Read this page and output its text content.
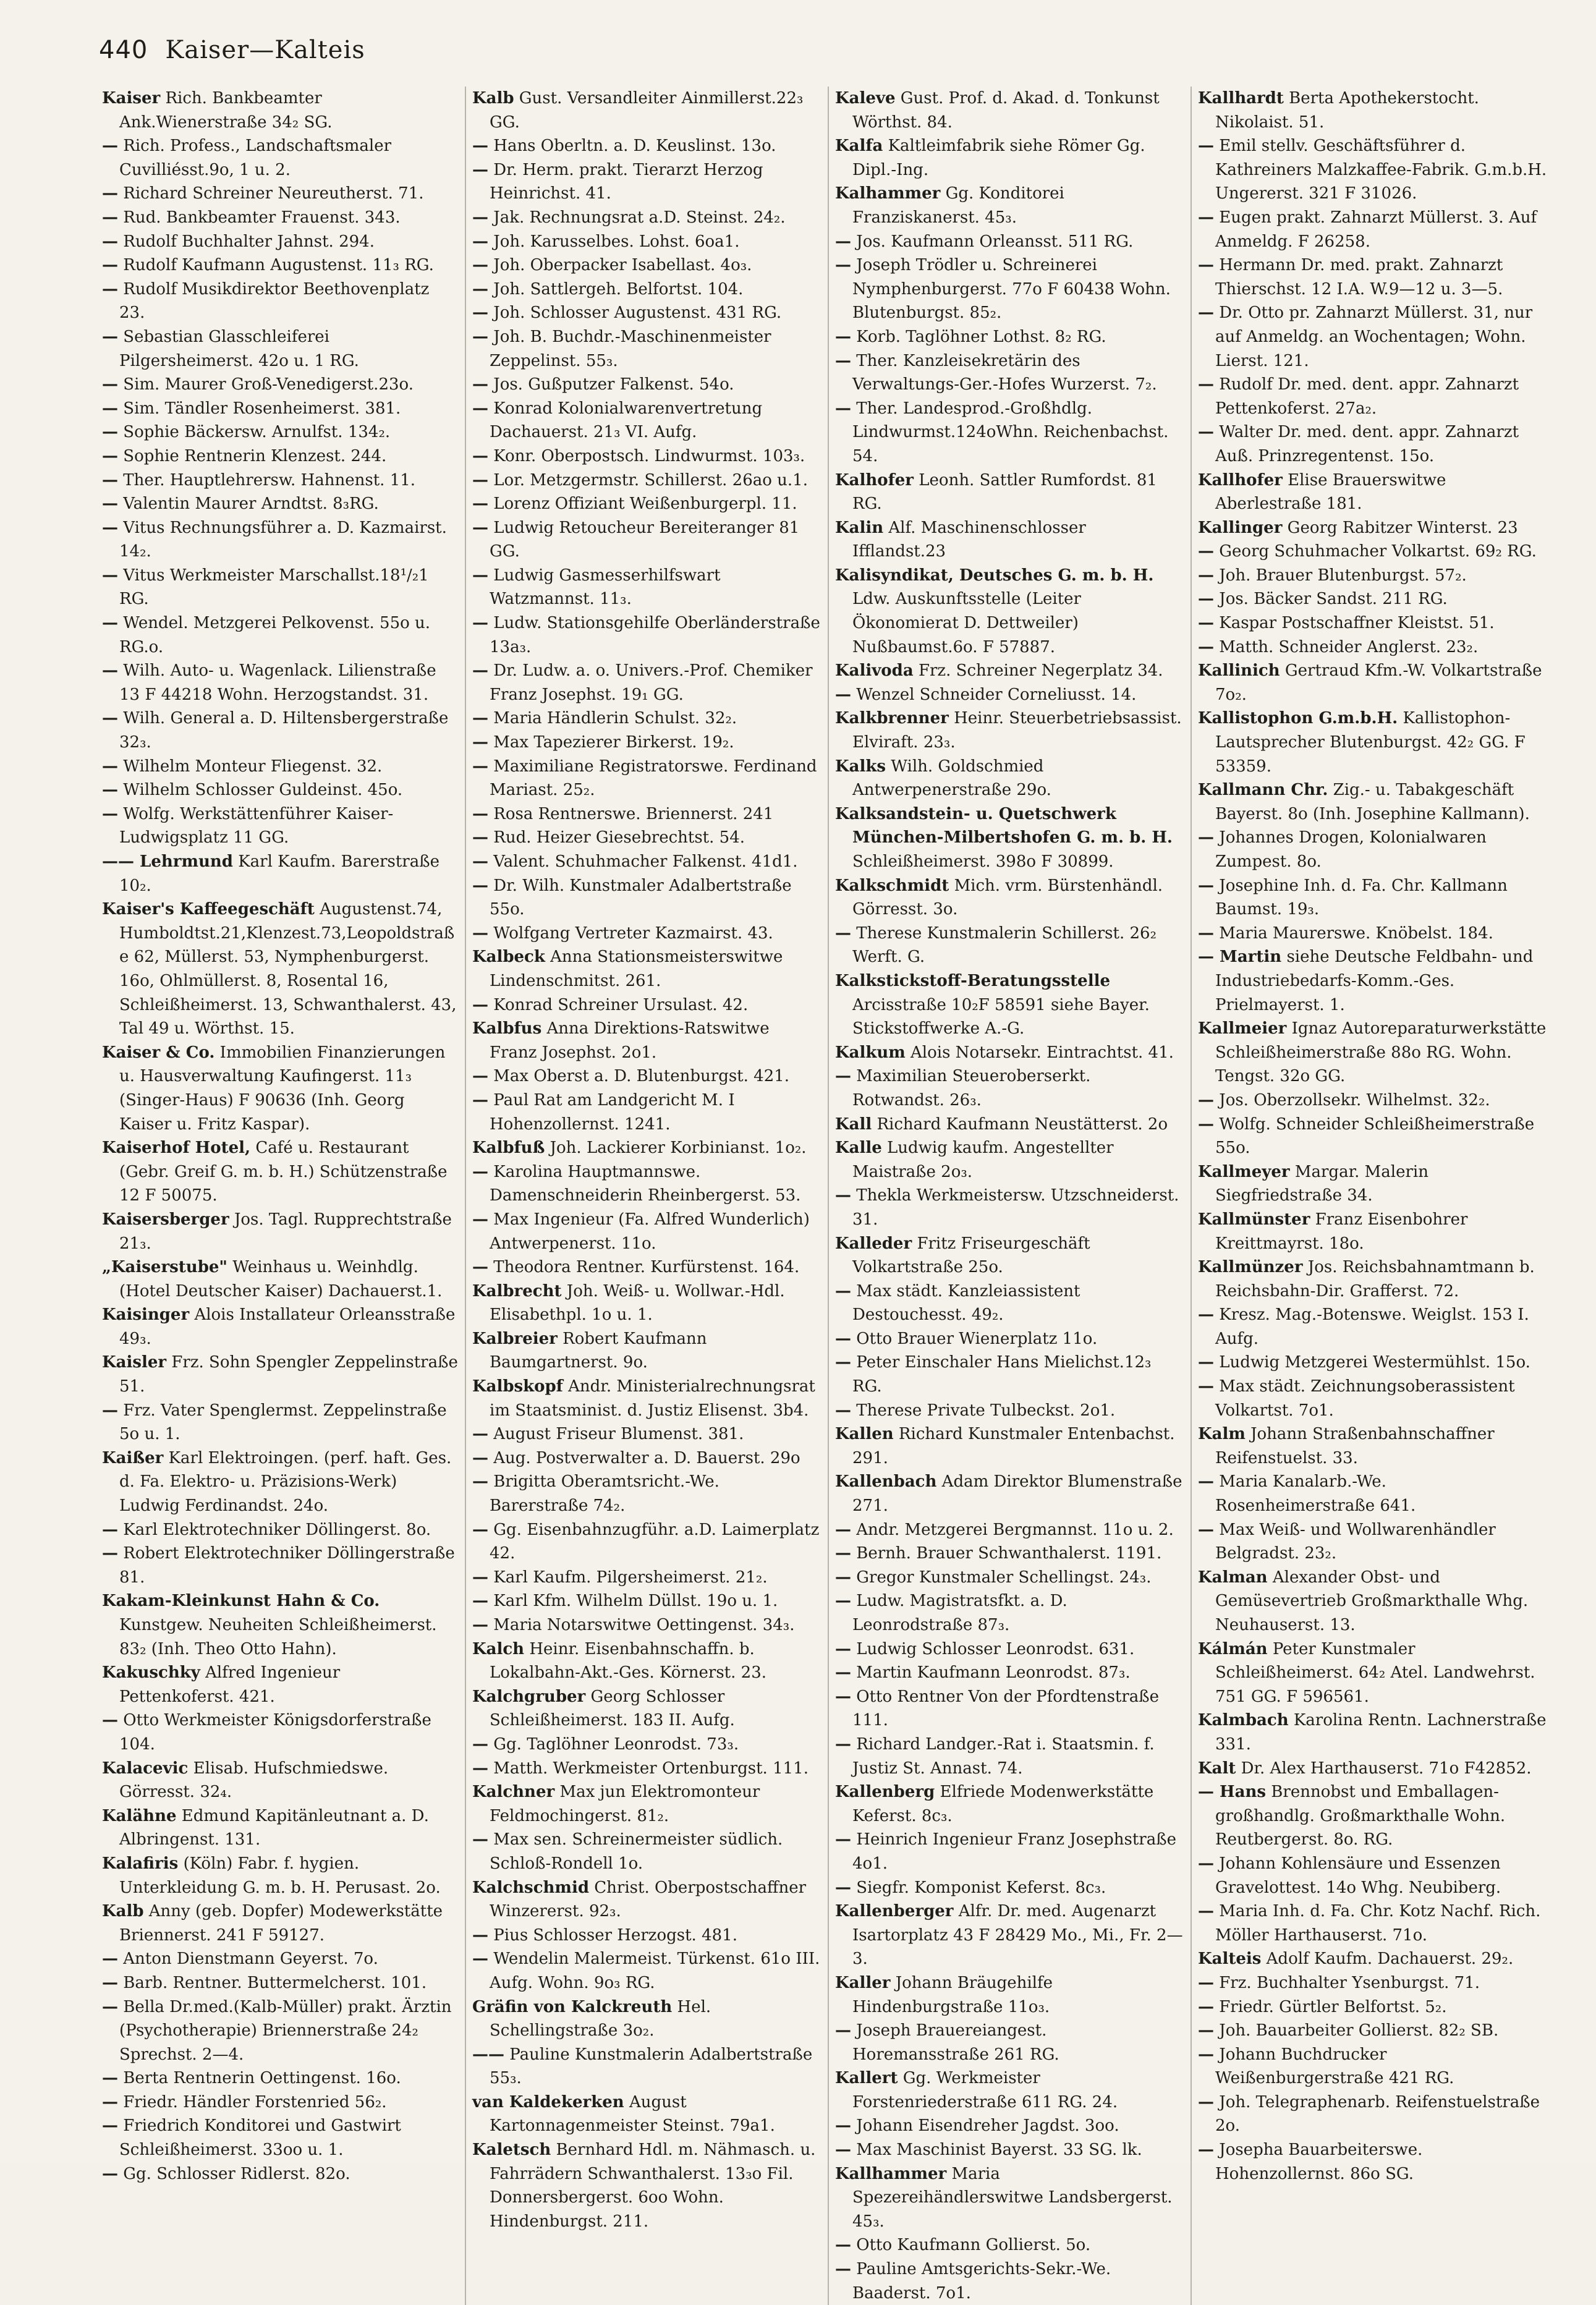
440 Kaiser—Kalteis
Kaiser Rich. Bankbeamter Ank.Wienerstraße 34₂ SG.
— Rich. Profess., Landschaftsmaler Cuvilliésst.9o, 1 u. 2.
— Richard Schreiner Neureutherst. 71.
— Rud. Bankbeamter Frauenst. 343.
— Rudolf Buchhalter Jahnst. 294.
— Rudolf Kaufmann Augustenst. 11₃ RG.
— Rudolf Musikdirektor Beethovenplatz 23.
— Sebastian Glasschleiferei Pilgersheimerst. 42o u. 1 RG.
— Sim. Maurer Groß-Venedigerst.23o.
— Sim. Tändler Rosenheimerst. 381.
— Sophie Bäckersw. Arnulfst. 134₂.
— Sophie Rentnerin Klenzest. 244.
— Ther. Hauptlehrersw. Hahnenst. 11.
— Valentin Maurer Arndtst. 8₃RG.
— Vitus Rechnungsführer a. D. Kazmairst. 14₂.
— Vitus Werkmeister Marschallst.18¹/₂1 RG.
— Wendel. Metzgerei Pelkovenst. 55o u. RG.o.
— Wilh. Auto- u. Wagenlack. Lilienstraße 13 F 44218 Wohn. Herzogstandst. 31.
— Wilh. General a. D. Hiltensbergerstraße 32₃.
— Wilhelm Monteur Fliegenst. 32.
— Wilhelm Schlosser Guldeinst. 45o.
— Wolfg. Werkstättenführer Kaiser-Ludwigsplatz 11 GG.
—— Lehrmund Karl Kaufm. Barerstraße 10₂.
Kaiser's Kaffeegeschäft Augustenst.74, Humboldtst.21,Klenzest.73,Leopoldstraße 62, Müllerst. 53, Nymphenburgerst. 16o, Ohlmüllerst. 8, Rosental 16, Schleißheimerst. 13, Schwanthalerst. 43, Tal 49 u. Wörthst. 15.
Kaiser & Co. Immobilien Finanzierungen u. Hausverwaltung Kaufingerst. 11₃ (Singer-Haus) F 90636 (Inh. Georg Kaiser u. Fritz Kaspar).
Kaiserhof Hotel, Café u. Restaurant (Gebr. Greif G. m. b. H.) Schützenstraße 12 F 50075.
Kaisersberger Jos. Tagl. Rupprechtstraße 21₃.
„Kaiserstube" Weinhaus u. Weinhdlg. (Hotel Deutscher Kaiser) Dachauerst.1.
Kaisinger Alois Installateur Orleansstraße 49₃.
Kaisler Frz. Sohn Spengler Zeppelinstraße 51.
— Frz. Vater Spenglermst. Zeppelinstraße 5o u. 1.
Kaißer Karl Elektroingen. (perf. haft. Ges. d. Fa. Elektro- u. Präzisions-Werk) Ludwig Ferdinandst. 24o.
— Karl Elektrotechniker Döllingerst. 8o.
— Robert Elektrotechniker Döllingerstraße 81.
Kakam-Kleinkunst Hahn & Co. Kunstgew. Neuheiten Schleißheimerst. 83₂ (Inh. Theo Otto Hahn).
Kakuschky Alfred Ingenieur Pettenkoferst. 421.
— Otto Werkmeister Königsdorferstraße 104.
Kalacevic Elisab. Hufschmiedswe. Görresst. 32₄.
Kalähne Edmund Kapitänleutnant a. D. Albringenst. 131.
Kalafiris (Köln) Fabr. f. hygien. Unterkleidung G. m. b. H. Perusast. 2o.
Kalb Anny (geb. Dopfer) Modewerkstätte Briennerst. 241 F 59127.
— Anton Dienstmann Geyerst. 7o.
— Barb. Rentner. Buttermelcherst. 101.
— Bella Dr.med.(Kalb-Müller) prakt. Ärztin (Psychotherapie) Briennerstraße 24₂ Sprechst. 2—4.
— Berta Rentnerin Oettingenst. 16o.
— Friedr. Händler Forstenried 56₂.
— Friedrich Konditorei und Gastwirt Schleißheimerst. 33oo u. 1.
— Gg. Schlosser Ridlerst. 82o.
Kalb Gust. Versandleiter Ainmillerst.22₃ GG.
— Hans Oberltn. a. D. Keuslinst. 13o.
— Dr. Herm. prakt. Tierarzt Herzog Heinrichst. 41.
— Jak. Rechnungsrat a.D. Steinst. 24₂.
— Joh. Karusselbes. Lohst. 6oa1.
— Joh. Oberpacker Isabellast. 4o₃.
— Joh. Sattlergeh. Belfortst. 104.
— Joh. Schlosser Augustenst. 431 RG.
— Joh. B. Buchdr.-Maschinenmeister Zeppelinst. 55₃.
— Jos. Gußputzer Falkenst. 54o.
— Konrad Kolonialwarenvertretung Dachauerst. 21₃ VI. Aufg.
— Konr. Oberpostsch. Lindwurmst. 103₃.
— Lor. Metzgermstr. Schillerst. 26ao u.1.
— Lorenz Offiziant Weißenburgerpl. 11.
— Ludwig Retoucheur Bereiteranger 81 GG.
— Ludwig Gasmesserhilfswart Watzmannst. 11₃.
— Ludw. Stationsgehilfe Oberländerstraße 13a₃.
— Dr. Ludw. a. o. Univers.-Prof. Chemiker Franz Josephst. 19₁ GG.
— Maria Händlerin Schulst. 32₂.
— Max Tapezierer Birkerst. 19₂.
— Maximiliane Registratorswe. Ferdinand Mariast. 25₂.
— Rosa Rentnerswe. Briennerst. 241
— Rud. Heizer Giesebrechtst. 54.
— Valent. Schuhmacher Falkenst. 41d1.
— Dr. Wilh. Kunstmaler Adalbertstraße 55o.
— Wolfgang Vertreter Kazmairst. 43.
Kalbeck Anna Stationsmeisterswitwe Lindenschmitst. 261.
— Konrad Schreiner Ursulast. 42.
Kalbfus Anna Direktions-Ratswitwe Franz Josephst. 2o1.
— Max Oberst a. D. Blutenburgst. 421.
— Paul Rat am Landgericht M. I Hohenzollernst. 1241.
Kalbfuß Joh. Lackierer Korbinianst. 1o₂.
— Karolina Hauptmannswe. Damenschneiderin Rheinbergerst. 53.
— Max Ingenieur (Fa. Alfred Wunderlich) Antwerpenerst. 11o.
— Theodora Rentner. Kurfürstenst. 164.
Kalbrecht Joh. Weiß- u. Wollwar.-Hdl. Elisabethpl. 1o u. 1.
Kalbreier Robert Kaufmann Baumgartnerst. 9o.
Kalbskopf Andr. Ministerialrechnungsrat im Staatsminist. d. Justiz Elisenst. 3b4.
— August Friseur Blumenst. 381.
— Aug. Postverwalter a. D. Bauerst. 29o
— Brigitta Oberamtsricht.-We. Barerstraße 74₂.
— Gg. Eisenbahnzugführ. a.D. Laimerplatz 42.
— Karl Kaufm. Pilgersheimerst. 21₂.
— Karl Kfm. Wilhelm Düllst. 19o u. 1.
— Maria Notarswitwe Oettingenst. 34₃.
Kalch Heinr. Eisenbahnschaffn. b. Lokalbahn-Akt.-Ges. Körnerst. 23.
Kalchgruber Georg Schlosser Schleißheimerst. 183 II. Aufg.
— Gg. Taglöhner Leonrodst. 73₃.
— Matth. Werkmeister Ortenburgst. 111.
Kalchner Max jun Elektromonteur Feldmochingerst. 81₂.
— Max sen. Schreinermeister südlich. Schloß-Rondell 1o.
Kalchschmid Christ. Oberpostschaffner Winzererst. 92₃.
— Pius Schlosser Herzogst. 481.
— Wendelin Malermeist. Türkenst. 61o III. Aufg. Wohn. 9o₃ RG.
Gräfin von Kalckreuth Hel. Schellingstraße 3o₂.
—— Pauline Kunstmalerin Adalbertstraße 55₃.
van Kaldekerken August Kartonnagenmeister Steinst. 79a1.
Kaletsch Bernhard Hdl. m. Nähmasch. u. Fahrrädern Schwanthalerst. 13₃o Fil. Donnersbergerst. 6oo Wohn. Hindenburgst. 211.
Kaleve Gust. Prof. d. Akad. d. Tonkunst Wörthst. 84.
Kalfa Kaltleimfabrik siehe Römer Gg. Dipl.-Ing.
Kalhammer Gg. Konditorei Franziskanerst. 45₃.
— Jos. Kaufmann Orleansst. 511 RG.
— Joseph Trödler u. Schreinerei Nymphenburgerst. 77o F 60438 Wohn. Blutenburgst. 85₂.
— Korb. Taglöhner Lothst. 8₂ RG.
— Ther. Kanzleisekretärin des Verwaltungs-Ger.-Hofes Wurzerst. 7₂.
— Ther. Landesprod.-Großhdlg. Lindwurmst.124oWhn. Reichenbachst. 54.
Kalhofer Leonh. Sattler Rumfordst. 81 RG.
Kalin Alf. Maschinenschlosser Ifflandst.23
Kalisyndikat, Deutsches G. m. b. H. Ldw. Auskunftsstelle (Leiter Ökonomierat D. Dettweiler) Nußbaumst.6o. F 57887.
Kalivoda Frz. Schreiner Negerplatz 34.
— Wenzel Schneider Corneliusst. 14.
Kalkbrenner Heinr. Steuerbetriebsassist. Elviraft. 23₃.
Kalks Wilh. Goldschmied Antwerpenerstraße 29o.
Kalksandstein- u. Quetschwerk München-Milbertshofen G. m. b. H. Schleißheimerst. 398o F 30899.
Kalkschmidt Mich. vrm. Bürstenhändl. Görresst. 3o.
— Therese Kunstmalerin Schillerst. 26₂ Werft. G.
Kalkstickstoff-Beratungsstelle Arcisstraße 10₂F 58591 siehe Bayer. Stickstoffwerke A.-G.
Kalkum Alois Notarsekr. Eintrachtst. 41.
— Maximilian Steueroberserkt. Rotwandst. 26₃.
Kall Richard Kaufmann Neustätterst. 2o
Kalle Ludwig kaufm. Angestellter Maistraße 2o₃.
— Thekla Werkmeistersw. Utzschneiderst. 31.
Kalleder Fritz Friseurgeschäft Volkartstraße 25o.
— Max städt. Kanzleiassistent Destouchesst. 49₂.
— Otto Brauer Wienerplatz 11o.
— Peter Einschaler Hans Mielichst.12₃ RG.
— Therese Private Tulbeckst. 2o1.
Kallen Richard Kunstmaler Entenbachst. 291.
Kallenbach Adam Direktor Blumenstraße 271.
— Andr. Metzgerei Bergmannst. 11o u. 2.
— Bernh. Brauer Schwanthalerst. 1191.
— Gregor Kunstmaler Schellingst. 24₃.
— Ludw. Magistratsfkt. a. D. Leonrodstraße 87₃.
— Ludwig Schlosser Leonrodst. 631.
— Martin Kaufmann Leonrodst. 87₃.
— Otto Rentner Von der Pfordtenstraße 111.
— Richard Landger.-Rat i. Staatsmin. f. Justiz St. Annast. 74.
Kallenberg Elfriede Modenwerkstätte Keferst. 8c₃.
— Heinrich Ingenieur Franz Josephstraße 4o1.
— Siegfr. Komponist Keferst. 8c₃.
Kallenberger Alfr. Dr. med. Augenarzt Isartorplatz 43 F 28429 Mo., Mi., Fr. 2—3.
Kaller Johann Bräugehilfe Hindenburgstraße 11o₃.
— Joseph Brauereiangest. Horemansstraße 261 RG.
Kallert Gg. Werkmeister Forstenriederstraße 611 RG. 24.
— Johann Eisendreher Jagdst. 3oo.
— Max Maschinist Bayerst. 33 SG. lk.
Kallhammer Maria Spezereihändlerswitwe Landsbergerst. 45₃.
— Otto Kaufmann Gollierst. 5o.
— Pauline Amtsgerichts-Sekr.-We. Baaderst. 7o1.
Kallhardt Berta Apothekerstocht. Nikolaist. 51.
— Emil stellv. Geschäftsführer d. Kathreiners Malzkaffee-Fabrik. G.m.b.H. Ungererst. 321 F 31026.
— Eugen prakt. Zahnarzt Müllerst. 3. Auf Anmeldg. F 26258.
— Hermann Dr. med. prakt. Zahnarzt Thierschst. 12 I.A. W.9—12 u. 3—5.
— Dr. Otto pr. Zahnarzt Müllerst. 31, nur auf Anmeldg. an Wochentagen; Wohn. Lierst. 121.
— Rudolf Dr. med. dent. appr. Zahnarzt Pettenkoferst. 27a₂.
— Walter Dr. med. dent. appr. Zahnarzt Auß. Prinzregentenst. 15o.
Kallhofer Elise Brauerswitwe Aberlestraße 181.
Kallinger Georg Rabitzer Winterst. 23
— Georg Schuhmacher Volkartst. 69₂ RG.
— Joh. Brauer Blutenburgst. 57₂.
— Jos. Bäcker Sandst. 211 RG.
— Kaspar Postschaffner Kleistst. 51.
— Matth. Schneider Anglerst. 23₂.
Kallinich Gertraud Kfm.-W. Volkartstraße 7o₂.
Kallistophon G.m.b.H. Kallistophon-Lautsprecher Blutenburgst. 42₂ GG. F 53359.
Kallmann Chr. Zig.- u. Tabakgeschäft Bayerst. 8o (Inh. Josephine Kallmann).
— Johannes Drogen, Kolonialwaren Zumpest. 8o.
— Josephine Inh. d. Fa. Chr. Kallmann Baumst. 19₃.
— Maria Maurerswe. Knöbelst. 184.
— Martin siehe Deutsche Feldbahn- und Industriebedarfs-Komm.-Ges. Prielmayerst. 1.
Kallmeier Ignaz Autoreparaturwerkstätte Schleißheimerstraße 88o RG. Wohn. Tengst. 32o GG.
— Jos. Oberzollsekr. Wilhelmst. 32₂.
— Wolfg. Schneider Schleißheimerstraße 55o.
Kallmeyer Margar. Malerin Siegfriedstraße 34.
Kallmünster Franz Eisenbohrer Kreittmayrst. 18o.
Kallmünzer Jos. Reichsbahnamtmann b. Reichsbahn-Dir. Grafferst. 72.
— Kresz. Mag.-Botenswe. Weiglst. 153 I. Aufg.
— Ludwig Metzgerei Westermühlst. 15o.
— Max städt. Zeichnungsoberassistent Volkartst. 7o1.
Kalm Johann Straßenbahnschaffner Reifenstuelst. 33.
— Maria Kanalarb.-We. Rosenheimerstraße 641.
— Max Weiß- und Wollwarenhändler Belgradst. 23₂.
Kalman Alexander Obst- und Gemüsevertrieb Großmarkthalle Whg. Neuhauserst. 13.
Kálmán Peter Kunstmaler Schleißheimerst. 64₂ Atel. Landwehrst. 751 GG. F 596561.
Kalmbach Karolina Rentn. Lachnerstraße 331.
Kalt Dr. Alex Harthauserst. 71o F42852.
— Hans Brennobst und Emballagen-großhandlg. Großmarkthalle Wohn. Reutbergerst. 8o. RG.
— Johann Kohlensäure und Essenzen Gravelottest. 14o Whg. Neubiberg.
— Maria Inh. d. Fa. Chr. Kotz Nachf. Rich. Möller Harthauserst. 71o.
Kalteis Adolf Kaufm. Dachauerst. 29₂.
— Frz. Buchhalter Ysenburgst. 71.
— Friedr. Gürtler Belfortst. 5₂.
— Joh. Bauarbeiter Gollierst. 82₂ SB.
— Johann Buchdrucker Weißenburgerstraße 421 RG.
— Joh. Telegraphenarb. Reifenstuelstraße 2o.
— Josepha Bauarbeiterswe. Hohenzollernst. 86o SG.
